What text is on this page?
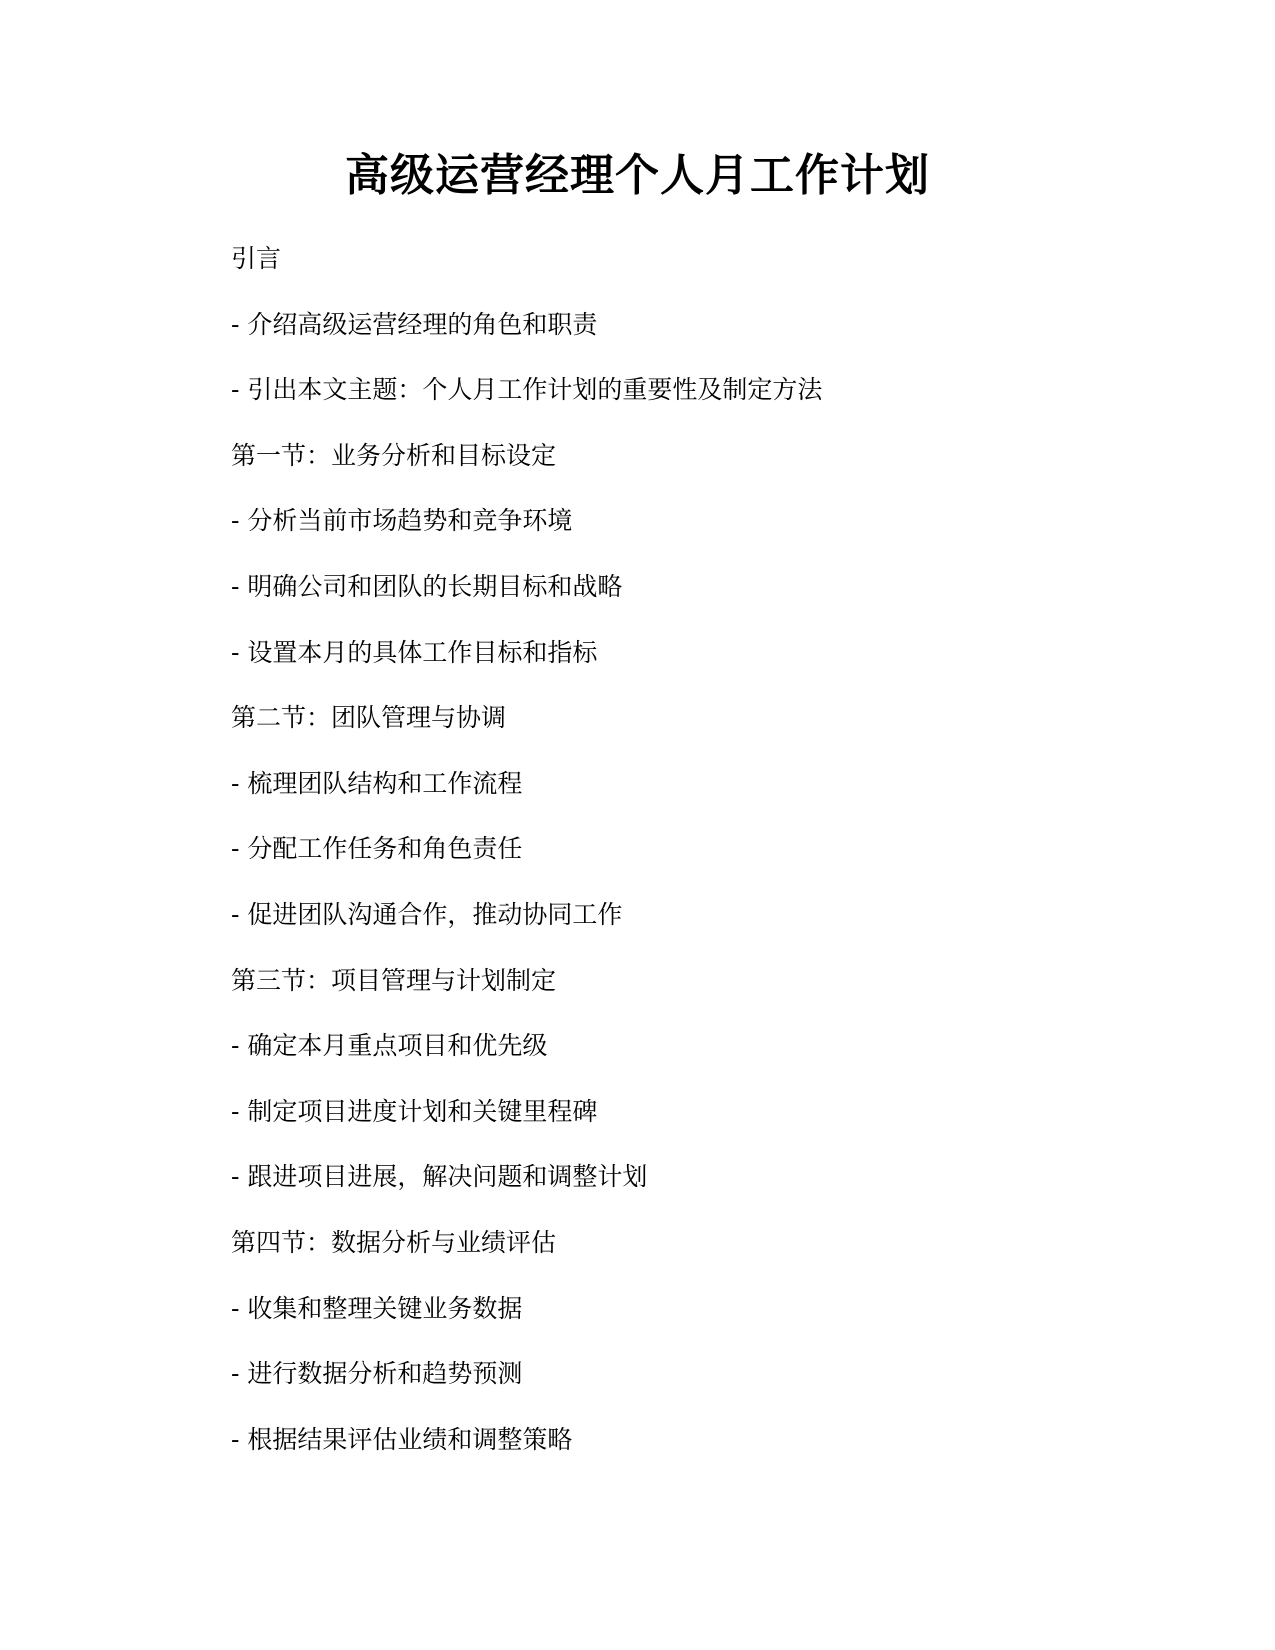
高级运营经理个人月工作计划
引言
- 介绍高级运营经理的角色和职责
- 引出本文主题：个人月工作计划的重要性及制定方法
第一节：业务分析和目标设定
- 分析当前市场趋势和竞争环境
- 明确公司和团队的长期目标和战略
- 设置本月的具体工作目标和指标
第二节：团队管理与协调
- 梳理团队结构和工作流程
- 分配工作任务和角色责任
- 促进团队沟通合作，推动协同工作
第三节：项目管理与计划制定
- 确定本月重点项目和优先级
- 制定项目进度计划和关键里程碑
- 跟进项目进展，解决问题和调整计划
第四节：数据分析与业绩评估
- 收集和整理关键业务数据
- 进行数据分析和趋势预测
- 根据结果评估业绩和调整策略
